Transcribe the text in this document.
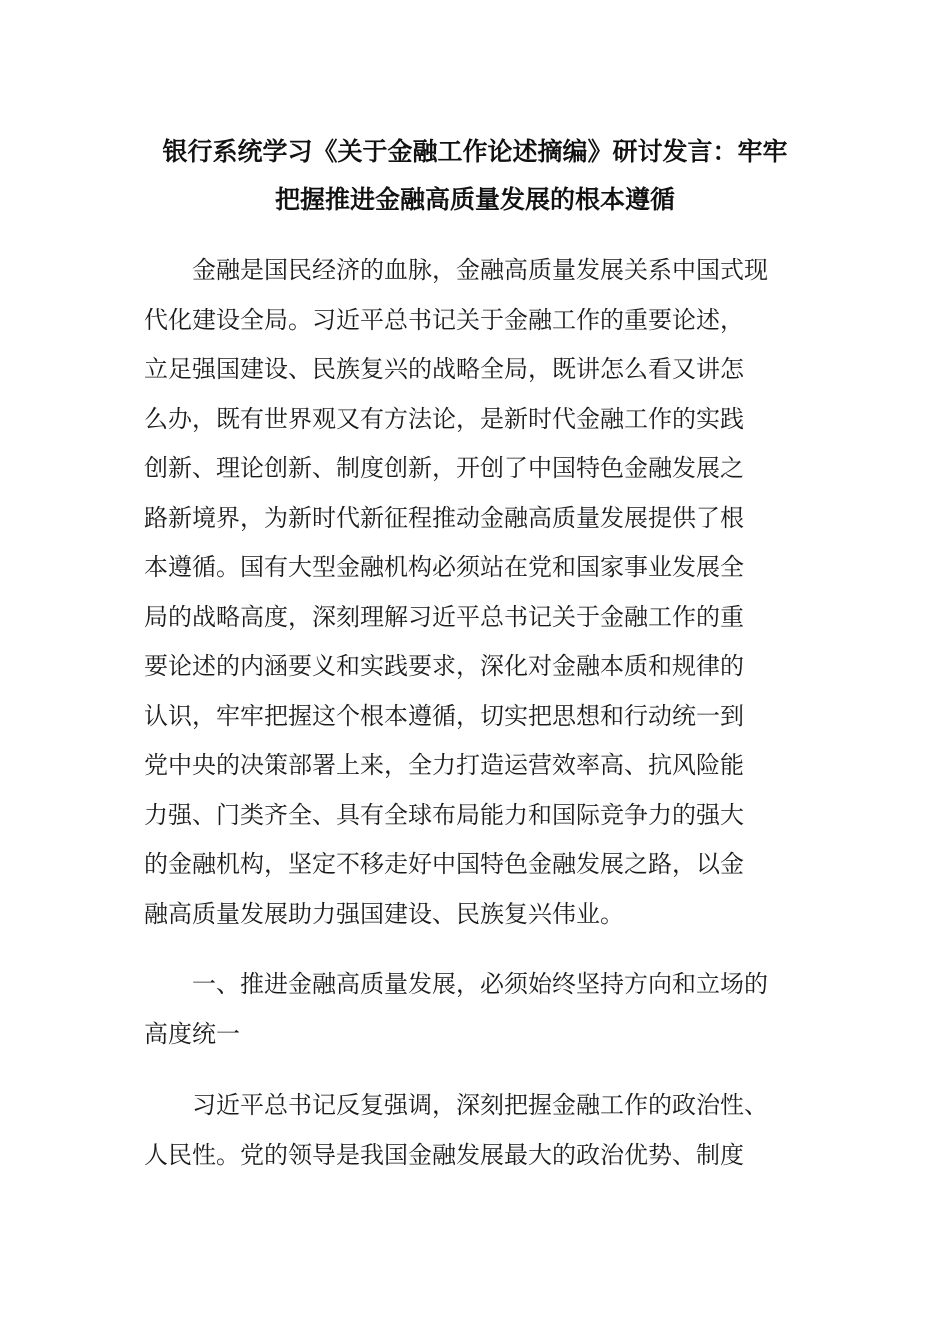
银行系统学习《关于金融工作论述摘编》研讨发言：牢牢
把握推进金融高质量发展的根本遵循

金融是国民经济的血脉，金融高质量发展关系中国式现
代化建设全局。习近平总书记关于金融工作的重要论述，
立足强国建设、民族复兴的战略全局，既讲怎么看又讲怎
么办，既有世界观又有方法论，是新时代金融工作的实践
创新、理论创新、制度创新，开创了中国特色金融发展之
路新境界，为新时代新征程推动金融高质量发展提供了根
本遵循。国有大型金融机构必须站在党和国家事业发展全
局的战略高度，深刻理解习近平总书记关于金融工作的重
要论述的内涵要义和实践要求，深化对金融本质和规律的
认识，牢牢把握这个根本遵循，切实把思想和行动统一到
党中央的决策部署上来，全力打造运营效率高、抗风险能
力强、门类齐全、具有全球布局能力和国际竞争力的强大
的金融机构，坚定不移走好中国特色金融发展之路，以金
融高质量发展助力强国建设、民族复兴伟业。

一、推进金融高质量发展，必须始终坚持方向和立场的
高度统一

习近平总书记反复强调，深刻把握金融工作的政治性、
人民性。党的领导是我国金融发展最大的政治优势、制度
